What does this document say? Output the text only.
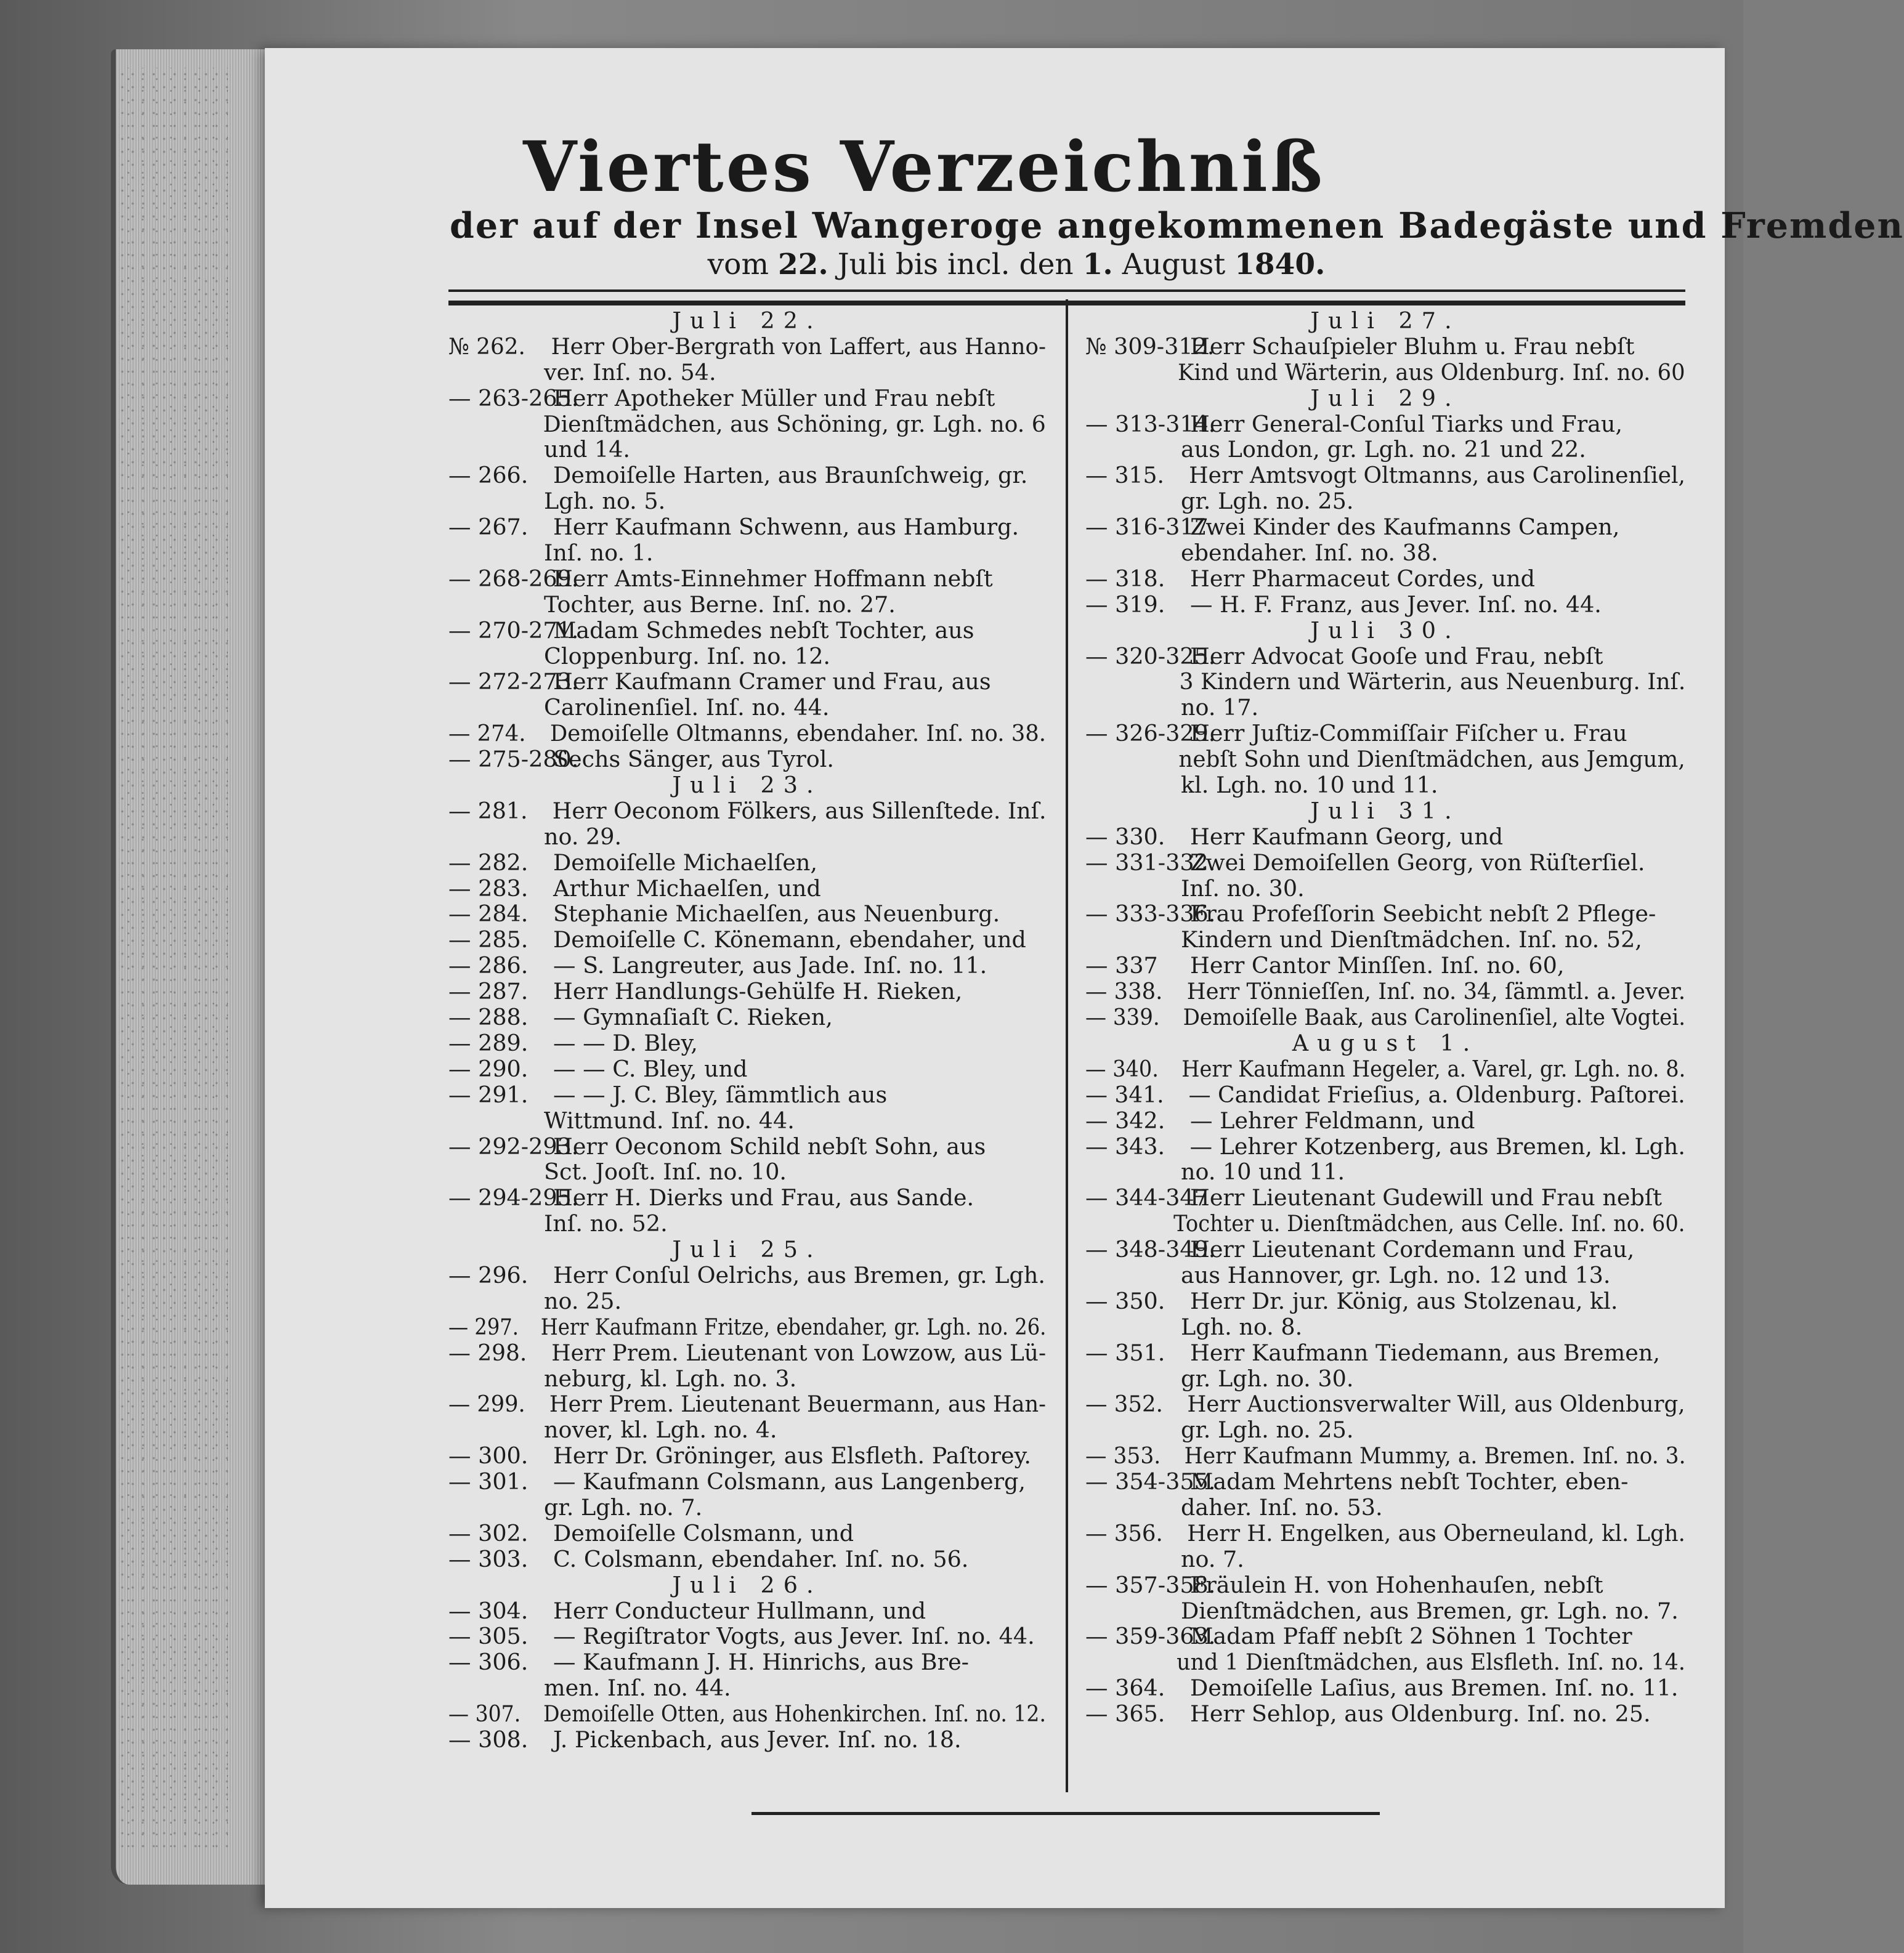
Viertes Verzeichniß
der auf der Insel Wangeroge angekommenen Badegäste und Fremden
vom 22. Juli bis incl. den 1. August 1840.
Juli 22.
№ 262. Herr Ober-Bergrath von Laffert, aus Hanno-
ver. Inſ. no. 54.
— 263-265.Herr Apotheker Müller und Frau nebſt
Dienſtmädchen, aus Schöning, gr. Lgh. no. 6
und 14.
— 266. Demoiſelle Harten, aus Braunſchweig, gr.
Lgh. no. 5.
— 267. Herr Kaufmann Schwenn, aus Hamburg.
Inſ. no. 1.
— 268-269.Herr Amts-Einnehmer Hoffmann nebſt
Tochter, aus Berne. Inſ. no. 27.
— 270-271.Madam Schmedes nebſt Tochter, aus
Cloppenburg. Inſ. no. 12.
— 272-273.Herr Kaufmann Cramer und Frau, aus
Carolinenſiel. Inſ. no. 44.
— 274. Demoiſelle Oltmanns, ebendaher. Inſ. no. 38.
— 275-280.Sechs Sänger, aus Tyrol.
Juli 23.
— 281. Herr Oeconom Fölkers, aus Sillenſtede. Inſ.
no. 29.
— 282. Demoiſelle Michaelſen,
— 283. Arthur Michaelſen, und
— 284. Stephanie Michaelſen, aus Neuenburg.
— 285. Demoiſelle C. Könemann, ebendaher, und
— 286. — S. Langreuter, aus Jade. Inſ. no. 11.
— 287. Herr Handlungs-Gehülfe H. Rieken,
— 288. — Gymnaſiaſt C. Rieken,
— 289. — — D. Bley,
— 290. — — C. Bley, und
— 291. — — J. C. Bley, ſämmtlich aus
Wittmund. Inſ. no. 44.
— 292-293.Herr Oeconom Schild nebſt Sohn, aus
Sct. Jooſt. Inſ. no. 10.
— 294-295.Herr H. Dierks und Frau, aus Sande.
Inſ. no. 52.
Juli 25.
— 296. Herr Conſul Oelrichs, aus Bremen, gr. Lgh.
no. 25.
— 297. Herr Kaufmann Fritze, ebendaher, gr. Lgh. no. 26.
— 298. Herr Prem. Lieutenant von Lowzow, aus Lü-
neburg, kl. Lgh. no. 3.
— 299. Herr Prem. Lieutenant Beuermann, aus Han-
nover, kl. Lgh. no. 4.
— 300. Herr Dr. Gröninger, aus Elsfleth. Paſtorey.
— 301. — Kaufmann Colsmann, aus Langenberg,
gr. Lgh. no. 7.
— 302. Demoiſelle Colsmann, und
— 303. C. Colsmann, ebendaher. Inſ. no. 56.
Juli 26.
— 304. Herr Conducteur Hullmann, und
— 305. — Regiſtrator Vogts, aus Jever. Inſ. no. 44.
— 306. — Kaufmann J. H. Hinrichs, aus Bre-
men. Inſ. no. 44.
— 307. Demoiſelle Otten, aus Hohenkirchen. Inſ. no. 12.
— 308. J. Pickenbach, aus Jever. Inſ. no. 18.
Juli 27.
№ 309-312.Herr Schauſpieler Bluhm u. Frau nebſt
Kind und Wärterin, aus Oldenburg. Inſ. no. 60
Juli 29.
— 313-314.Herr General-Conſul Tiarks und Frau,
aus London, gr. Lgh. no. 21 und 22.
— 315. Herr Amtsvogt Oltmanns, aus Carolinenſiel,
gr. Lgh. no. 25.
— 316-317.Zwei Kinder des Kaufmanns Campen,
ebendaher. Inſ. no. 38.
— 318. Herr Pharmaceut Cordes, und
— 319. — H. F. Franz, aus Jever. Inſ. no. 44.
Juli 30.
— 320-325.Herr Advocat Gooſe und Frau, nebſt
3 Kindern und Wärterin, aus Neuenburg. Inſ.
no. 17.
— 326-329.Herr Juſtiz-Commiſſair Fiſcher u. Frau
nebſt Sohn und Dienſtmädchen, aus Jemgum,
kl. Lgh. no. 10 und 11.
Juli 31.
— 330. Herr Kaufmann Georg, und
— 331-332.Zwei Demoiſellen Georg, von Rüſterſiel.
Inſ. no. 30.
— 333-336.Frau Profeſſorin Seebicht nebſt 2 Pflege-
Kindern und Dienſtmädchen. Inſ. no. 52,
— 337 Herr Cantor Minſſen. Inſ. no. 60,
— 338. Herr Tönnieſſen, Inſ. no. 34, ſämmtl. a. Jever.
— 339. Demoiſelle Baak, aus Carolinenſiel, alte Vogtei.
August 1.
— 340. Herr Kaufmann Hegeler, a. Varel, gr. Lgh. no. 8.
— 341. — Candidat Frieſius, a. Oldenburg. Paſtorei.
— 342. — Lehrer Feldmann, und
— 343. — Lehrer Kotzenberg, aus Bremen, kl. Lgh.
no. 10 und 11.
— 344-347Herr Lieutenant Gudewill und Frau nebſt
Tochter u. Dienſtmädchen, aus Celle. Inſ. no. 60.
— 348-349.Herr Lieutenant Cordemann und Frau,
aus Hannover, gr. Lgh. no. 12 und 13.
— 350. Herr Dr. jur. König, aus Stolzenau, kl.
Lgh. no. 8.
— 351. Herr Kaufmann Tiedemann, aus Bremen,
gr. Lgh. no. 30.
— 352. Herr Auctionsverwalter Will, aus Oldenburg,
gr. Lgh. no. 25.
— 353. Herr Kaufmann Mummy, a. Bremen. Inſ. no. 3.
— 354-355.Madam Mehrtens nebſt Tochter, eben-
daher. Inſ. no. 53.
— 356. Herr H. Engelken, aus Oberneuland, kl. Lgh.
no. 7.
— 357-358.Fräulein H. von Hohenhauſen, nebſt
Dienſtmädchen, aus Bremen, gr. Lgh. no. 7.
— 359-363.Madam Pfaff nebſt 2 Söhnen 1 Tochter
und 1 Dienſtmädchen, aus Elsfleth. Inſ. no. 14.
— 364. Demoiſelle Laſius, aus Bremen. Inſ. no. 11.
— 365. Herr Sehlop, aus Oldenburg. Inſ. no. 25.
